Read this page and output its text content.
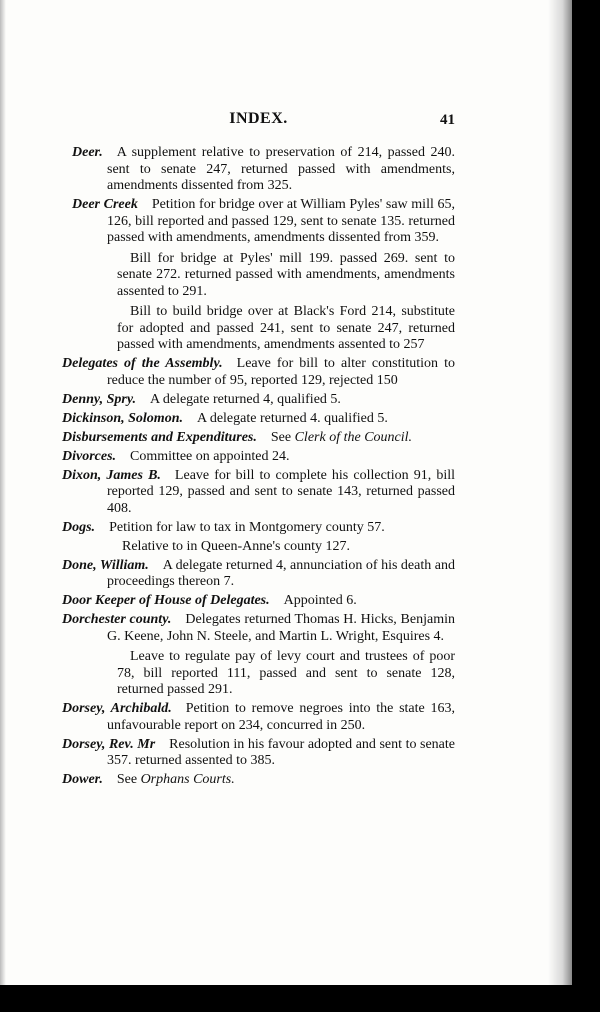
INDEX.	41
Deer.  A supplement relative to preservation of 214, passed 240. sent to senate 247, returned passed with amendments, amendments dissented from 325.
Deer Creek  Petition for bridge over at William Pyles' saw mill 65, 126, bill reported and passed 129, sent to senate 135. returned passed with amendments, amendments dissented from 359.
Bill for bridge at Pyles' mill 199. passed 269. sent to senate 272. returned passed with amendments, amendments assented to 291.
Bill to build bridge over at Black's Ford 214, substitute for adopted and passed 241, sent to senate 247, returned passed with amendments, amendments assented to 257
Delegates of the Assembly.  Leave for bill to alter constitution to reduce the number of 95, reported 129, rejected 150
Denny, Spry.  A delegate returned 4, qualified 5.
Dickinson, Solomon.  A delegate returned 4. qualified 5.
Disbursements and Expenditures.  See Clerk of the Council.
Divorces.  Committee on appointed 24.
Dixon, James B.  Leave for bill to complete his collection 91, bill reported 129, passed and sent to senate 143, returned passed 408.
Dogs.  Petition for law to tax in Montgomery county 57.
Relative to in Queen-Anne's county 127.
Done, William.  A delegate returned 4, annunciation of his death and proceedings thereon 7.
Door Keeper of House of Delegates.  Appointed 6.
Dorchester county.  Delegates returned Thomas H. Hicks, Benjamin G. Keene, John N. Steele, and Martin L. Wright, Esquires 4.
Leave to regulate pay of levy court and trustees of poor 78, bill reported 111, passed and sent to senate 128, returned passed 291.
Dorsey, Archibald.  Petition to remove negroes into the state 163, unfavourable report on 234, concurred in 250.
Dorsey, Rev. Mr  Resolution in his favour adopted and sent to senate 357. returned assented to 385.
Dower.  See Orphans Courts.
